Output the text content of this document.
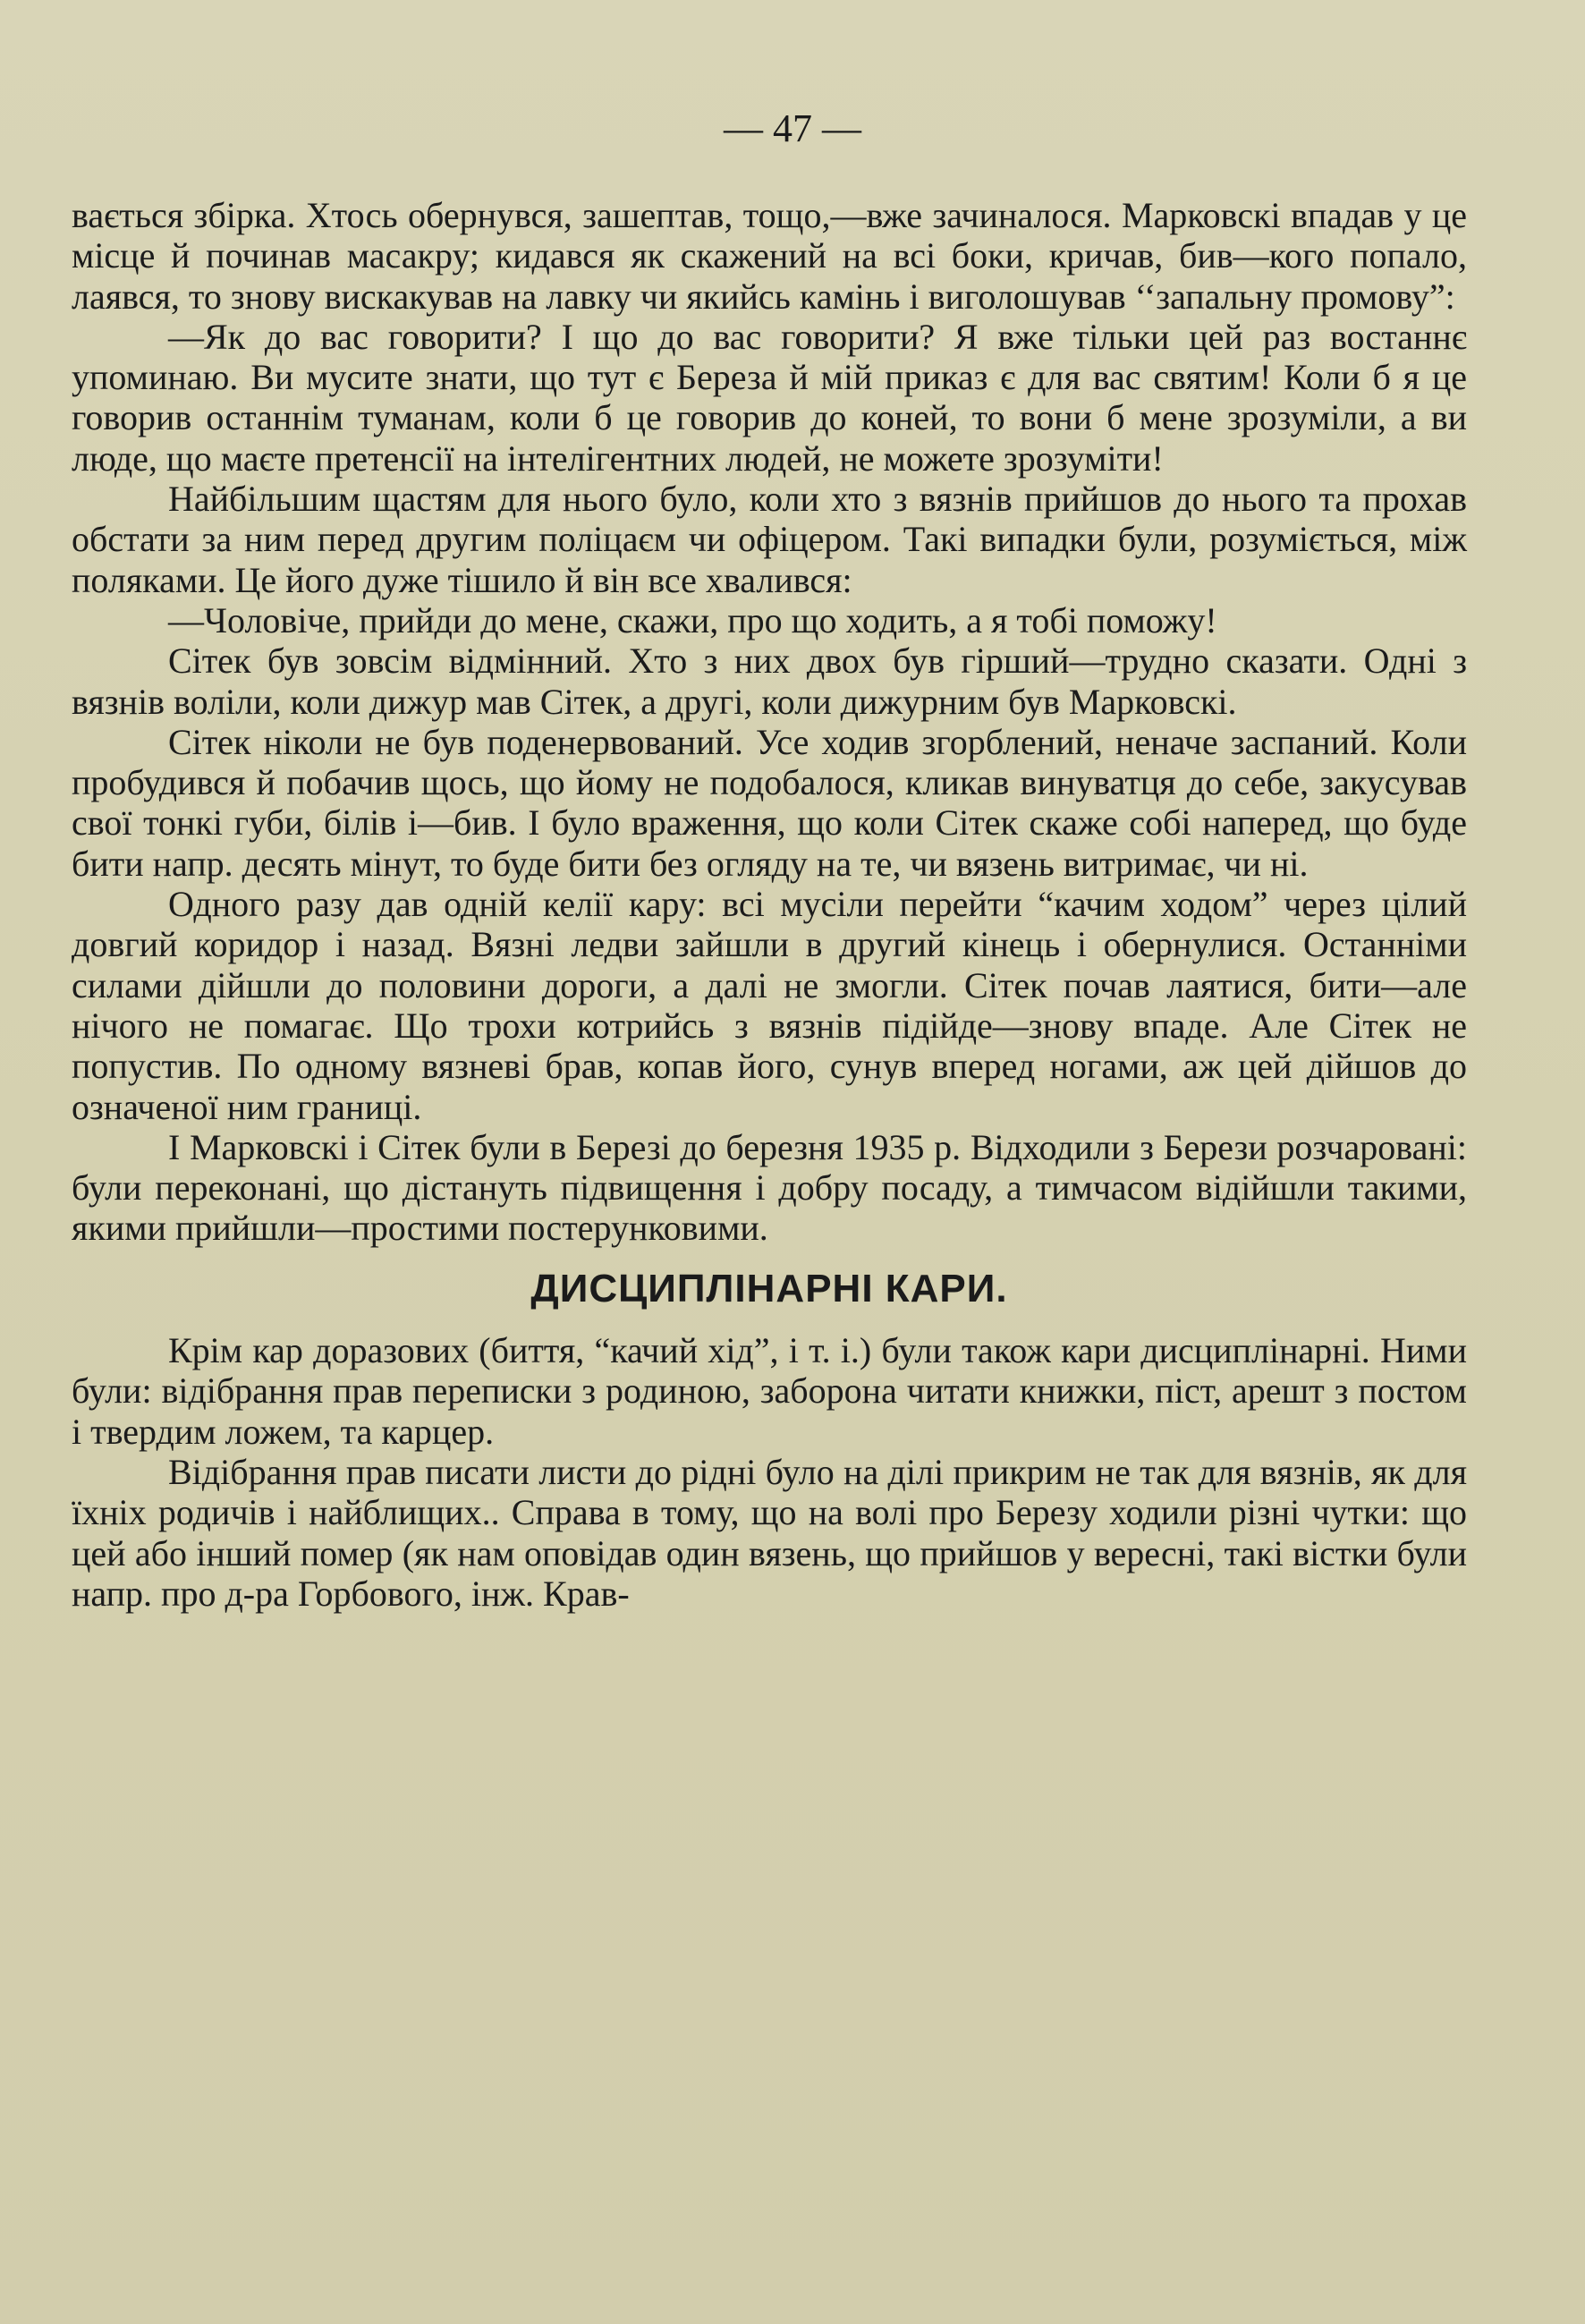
— 47 —

вається збірка. Хтось обернувся, зашептав, тощо,—вже зачиналося. Марковскі впадав у це місце й починав масакру; кидався як скажений на всі боки, кричав, бив—кого попало, лаявся, то знову вискакував на лавку чи якийсь камінь і виголошував ‘‘запальну промову”:

—Як до вас говорити? І що до вас говорити? Я вже тільки цей раз востаннє упоминаю. Ви мусите знати, що тут є Береза й мій приказ є для вас святим! Коли б я це говорив останнім туманам, коли б це говорив до коней, то вони б мене зрозуміли, а ви люде, що маєте претенсії на інтелігентних людей, не можете зрозуміти!

Найбільшим щастям для нього було, коли хто з вязнів прийшов до нього та прохав обстати за ним перед другим поліцаєм чи офіцером. Такі випадки були, розуміється, між поляками. Це його дуже тішило й він все хвалився:

—Чоловіче, прийди до мене, скажи, про що ходить, а я тобі поможу!

Сітек був зовсім відмінний. Хто з них двох був гірший—трудно сказати. Одні з вязнів воліли, коли дижур мав Сітек, а другі, коли дижурним був Марковскі.

Сітек ніколи не був поденервований. Усе ходив згорблений, неначе заспаний. Коли пробудився й побачив щось, що йому не подобалося, кликав винуватця до себе, закусував свої тонкі губи, білів і—бив. І було враження, що коли Сітек скаже собі наперед, що буде бити напр. десять мінут, то буде бити без огляду на те, чи вязень витримає, чи ні.

Одного разу дав одній келії кару: всі мусіли перейти “качим ходом” через цілий довгий коридор і назад. Вязні ледви зайшли в другий кінець і обернулися. Останніми силами дійшли до половини дороги, а далі не змогли. Сітек почав лаятися, бити—але нічого не помагає. Що трохи котрийсь з вязнів підійде—знову впаде. Але Сітек не попустив. По одному вязневі брав, копав його, сунув вперед ногами, аж цей дійшов до означеної ним границі.

І Марковскі і Сітек були в Березі до березня 1935 р. Відходили з Берези розчаровані: були переконані, що дістануть підвищення і добру посаду, а тимчасом відійшли такими, якими прийшли—простими постерунковими.

ДИСЦИПЛІНАРНІ КАРИ.

Крім кар доразових (биття, “качий хід”, і т. і.) були також кари дисциплінарні. Ними були: відібрання прав переписки з родиною, заборона читати книжки, піст, арешт з постом і твердим ложем, та карцер.

Відібрання прав писати листи до рідні було на ділі прикрим не так для вязнів, як для їхніх родичів і найблищих.. Справа в тому, що на волі про Березу ходили різні чутки: що цей або інший помер (як нам оповідав один вязень, що прийшов у вересні, такі вістки були напр. про д-ра Горбового, інж. Крав-
